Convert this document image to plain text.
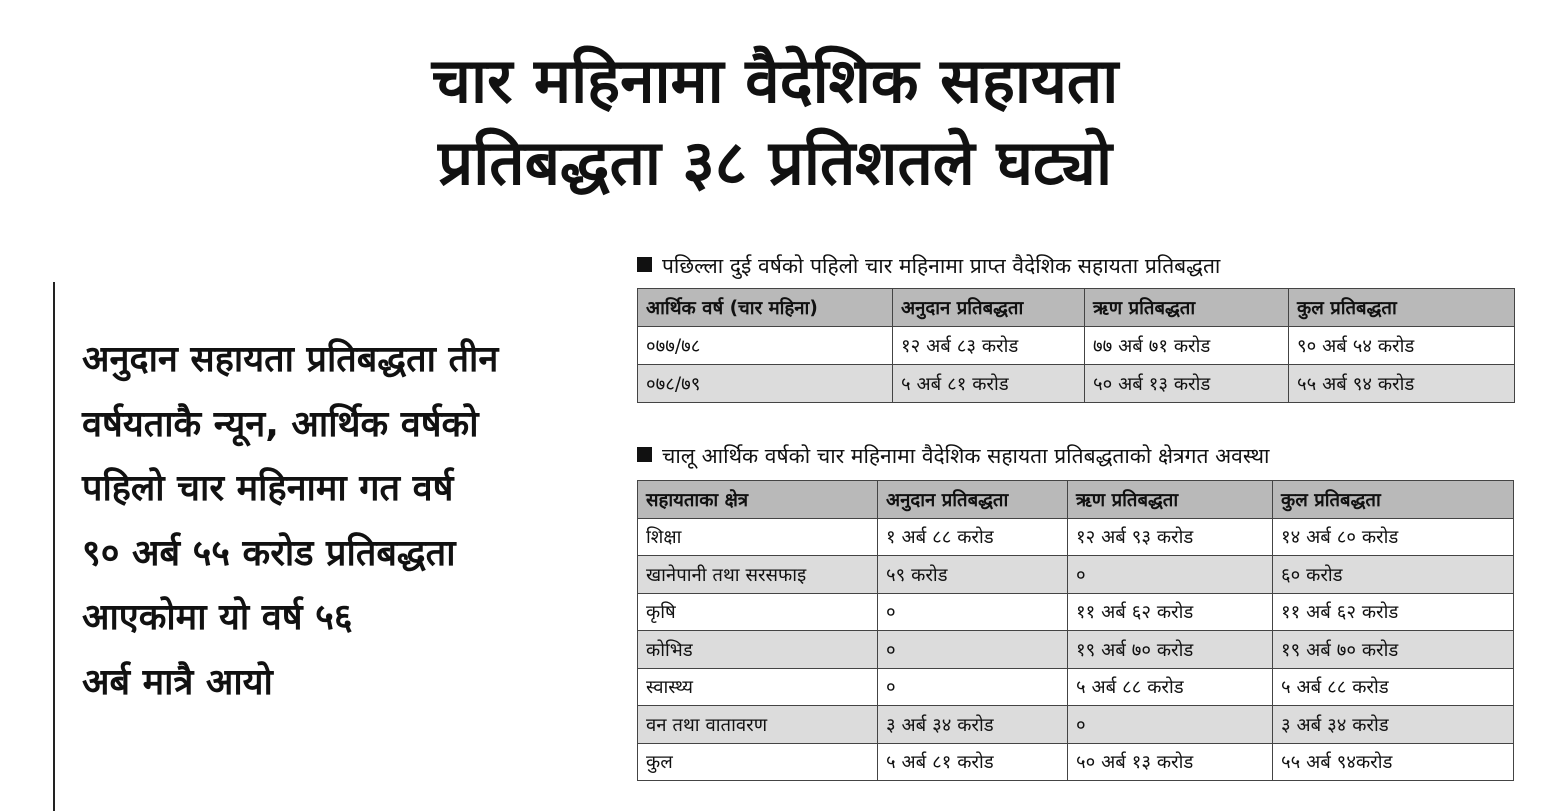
चार महिनामा वैदेशिक सहायता
प्रतिबद्धता ३८ प्रतिशतले घट्यो
अनुदान सहायता प्रतिबद्धता तीन
वर्षयताकै न्यून, आर्थिक वर्षको
पहिलो चार महिनामा गत वर्ष
९० अर्ब ५५ करोड प्रतिबद्धता
आएकोमा यो वर्ष ५६
अर्ब मात्रै आयो
पछिल्ला दुई वर्षको पहिलो चार महिनामा प्राप्त वैदेशिक सहायता प्रतिबद्धता
आर्थिक वर्ष (चार महिना)	अनुदान प्रतिबद्धता	ऋण प्रतिबद्धता	कुल प्रतिबद्धता
०७७/७८	१२ अर्ब ८३ करोड	७७ अर्ब ७१ करोड	९० अर्ब ५४ करोड
०७८/७९	५ अर्ब ८१ करोड	५० अर्ब १३ करोड	५५ अर्ब ९४ करोड
चालू आर्थिक वर्षको चार महिनामा वैदेशिक सहायता प्रतिबद्धताको क्षेत्रगत अवस्था
सहायताका क्षेत्र	अनुदान प्रतिबद्धता	ऋण प्रतिबद्धता	कुल प्रतिबद्धता
शिक्षा	१ अर्ब ८८ करोड	१२ अर्ब ९३ करोड	१४ अर्ब ८० करोड
खानेपानी तथा सरसफाइ	५९ करोड	०	६० करोड
कृषि	०	११ अर्ब ६२ करोड	११ अर्ब ६२ करोड
कोभिड	०	१९ अर्ब ७० करोड	१९ अर्ब ७० करोड
स्वास्थ्य	०	५ अर्ब ८८ करोड	५ अर्ब ८८ करोड
वन तथा वातावरण	३ अर्ब ३४ करोड	०	३ अर्ब ३४ करोड
कुल	५ अर्ब ८१ करोड	५० अर्ब १३ करोड	५५ अर्ब ९४करोड
